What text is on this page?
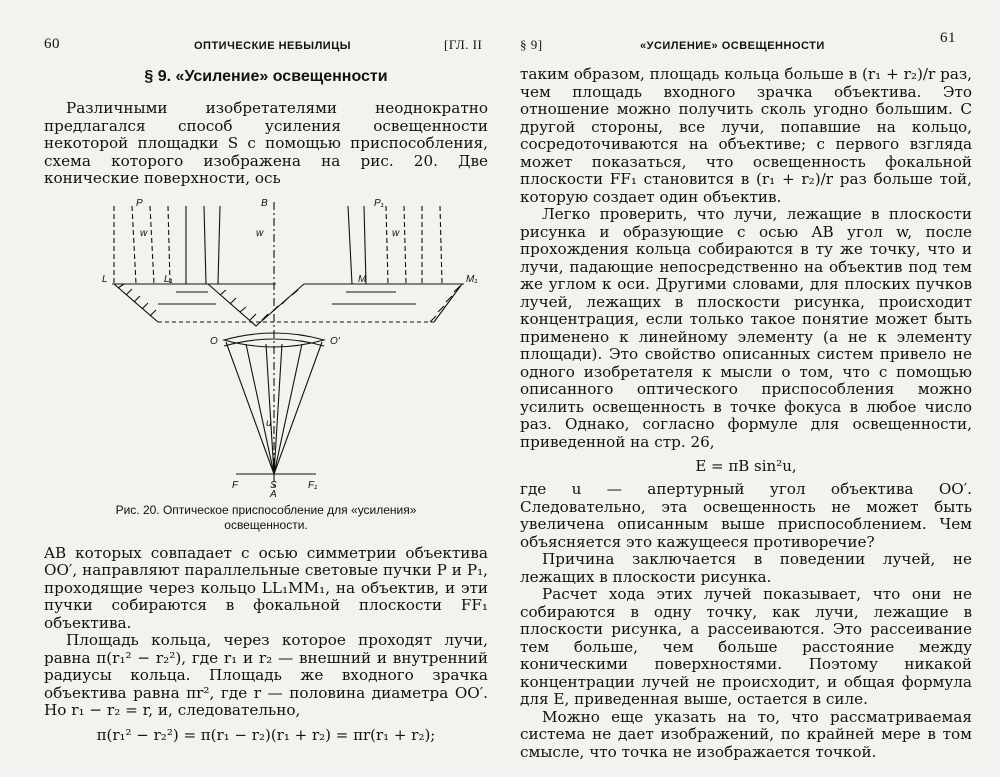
60	ОПТИЧЕСКИЕ НЕБЫЛИЦЫ	[ГЛ. II
§ 9. «Усиление» освещенности

Различными изобретателями неоднократно предлагался способ усиления освещенности некоторой площадки S с помощью приспособления, схема которого изображена на рис. 20. Две конические поверхности, ось

P	B	P₁
w	w	w
L	L₁	M	M₁
O	O'
u
F	S	F₁
A
Рис. 20. Оптическое приспособление для «усиления»
освещенности.

AB которых совпадает с осью симметрии объектива OO′, направляют параллельные световые пучки P и P₁, проходящие через кольцо LL₁MM₁, на объектив, и эти пучки собираются в фокальной плоскости FF₁ объектива.

Площадь кольца, через которое проходят лучи, равна π(r₁² − r₂²), где r₁ и r₂ — внешний и внутренний радиусы кольца. Площадь же входного зрачка объектива равна πr², где r — половина диаметра OO′. Но r₁ − r₂ = r, и, следовательно,

π(r₁² − r₂²) = π(r₁ − r₂)(r₁ + r₂) = πr(r₁ + r₂);
§ 9]	«УСИЛЕНИЕ» ОСВЕЩЕННОСТИ	61

таким образом, площадь кольца больше в (r₁ + r₂)/r раз, чем площадь входного зрачка объектива. Это отношение можно получить сколь угодно большим. С другой стороны, все лучи, попавшие на кольцо, сосредоточиваются на объективе; с первого взгляда может показаться, что освещенность фокальной плоскости FF₁ становится в (r₁ + r₂)/r раз больше той, которую создает один объектив.

Легко проверить, что лучи, лежащие в плоскости рисунка и образующие с осью AB угол w, после прохождения кольца собираются в ту же точку, что и лучи, падающие непосредственно на объектив под тем же углом к оси. Другими словами, для плоских пучков лучей, лежащих в плоскости рисунка, происходит концентрация, если только такое понятие может быть применено к линейному элементу (а не к элементу площади). Это свойство описанных систем привело не одного изобретателя к мысли о том, что с помощью описанного оптического приспособления можно усилить освещенность в точке фокуса в любое число раз. Однако, согласно формуле для освещенности, приведенной на стр. 26,

E = πB sin²u,

где u — апертурный угол объектива OO′. Следовательно, эта освещенность не может быть увеличена описанным выше приспособлением. Чем объясняется это кажущееся противоречие?

Причина заключается в поведении лучей, не лежащих в плоскости рисунка.

Расчет хода этих лучей показывает, что они не собираются в одну точку, как лучи, лежащие в плоскости рисунка, а рассеиваются. Это рассеивание тем больше, чем больше расстояние между коническими поверхностями. Поэтому никакой концентрации лучей не происходит, и общая формула для E, приведенная выше, остается в силе.

Можно еще указать на то, что рассматриваемая система не дает изображений, по крайней мере в том смысле, что точка не изображается точкой.
